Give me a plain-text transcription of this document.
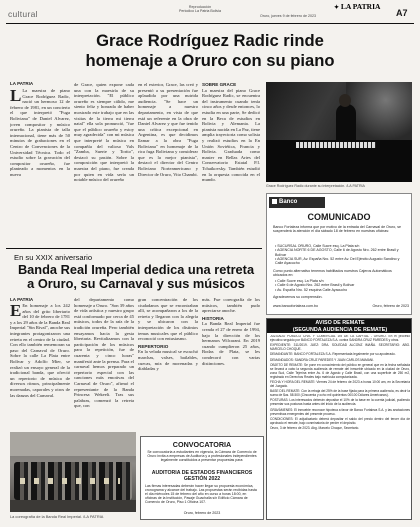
cultural
Reproducción
Periodico La Patria Bolivia
Oruro, jueves 9 de febrero de 2023
✦ LA PATRIA
A7
Grace Rodríguez Radic rinde
homenaje a Oruro con su piano
LA PATRIA
L La maestra de piano Grace Rodríguez Radic, nació un hermoso 12 de febrero de 1981, en un concierto el que interpretó "Fuga Boliviana" de Daniel Alvarez, joven compositor y músico orureño. La pianista de talla internacional, tiene más de 50 minutos de grabaciones en el Centro de Convenciones de la Universidad Técnica. Todo el estudio sobre la gravación del compositor orureño, fue planteado a momentos en la nueva
de Grace, quien expone cada una con la maestría de su interpretación. "El público orureño es siempre cálido, me siento feliz y honrada de haber mostrado este trabajo que en las visitas de la tierra mi tierra natal" ella sola pronunció, "fue que el público orureño y estoy muy agradecida" con mi música que interpreté la música en compañía del valioso Vals "Zamba, Suerte y Torito", destacó su pasión. Sobre la composición que interpretó la maestra del piano, fue creada por quien en vida sería un notable músico del orureño
en el exterior, Grace, las creó y presentó a su presentación fue aplaudida por una nutrida audiencia. "Se hace un homenaje a nuestro departamento, en vista de que está un referente en la obra de Daniel Alvarez y que fue tenido una crítica excepcional en Argentina, es que decidimos llamar a la obra "Fuga Boliviana" en homenaje de la rica fuga Boliviana y considerar que es la mejor pianista", destacó el director del Centro Boliviano Norteamericano y Director de Oruro, Vito Chambi.
SOBRE GRACE
La maestra del piano Grace Rodríguez Radic, se encuentra del instrumento cuando tenía cinco años y desde entonces, lo estudia en una parte, Se dedicó en la Beca de estudios en Bolivia y Alemania. La pianista nacida en La Paz, tiene amplia trayectoria como solista y realizó estudios en la En Unión Soviética, Francia y Bolivia. Graduada como master en Bellas Artes del Conservatorio Estatal P.I. Tchaikovsky. También estudió en la orquesta conocida en el mundo.
Grace Rodríguez Radic durante su interpretación. /LA PATRIA
Banco Fortaleza	COMUNICADO
Banco Fortaleza informa que por motivo de la entrada del Carnaval de Oruro, se suspenderá la atención el día sábado 18 de febrero en nuestras oficinas:
• SUCURSAL ORURO, Calle Sucre esq. La Plata s/n
• AGENCIA NORTE 6 DE AGOSTO, Calle 6 de Agosto Nro. 262 entre Brasil y Bolívar
• AGENCIA SUR, Av. España Nro. 52 entre Av. Del Ejército Augusto Sandino y Calle Ayacucho
Como punto alternativo tenemos habilitados nuestros Cajeros Automáticos ubicados en:
• Calle Sucre esq. La Plata s/n
• Calle 6 de Agosto Nro. 262 entre Brasil y Bolívar
• Av. España Nro. 52 esquina Calle Ayacucho
Agradecemos su comprensión.
www.bancofortaleza.com.bo	Oruro, febrero de 2023
En su XXIX aniversario
Banda Real Imperial dedica una retreta
a Oruro, su Carnaval y sus músicos
LA PATRIA
E En homenaje a los 242 años del grito libertario del 10 de febrero de 1781 y a los 29 años de la Banda Real Imperial "Sin Rival", anoche sus integrantes protagonizaron una retreta en el centro de la ciudad. Con ello también rememoran su paso del Carnaval de Oruro. Sobre la calle La Plata entre Bolívar y Adolfo Mier, se realizó un ensayo general de la tradicional banda, que ofreció un repertorio de música de diversos ritmos, principalmente morenadas, caporales y otros de las danzas del Carnaval.
del departamento como homenaje a Oruro. "Son 39 años de vida artística y nuestro grupo está conformado por cerca de 45 músicos, todos de la raíz de la tradición orureña. Pero también ensayamos hacia la gesta libertaria. Revitalizamos con la participación de los músicos para la repetición, fue de cuarenta y cinco horas" manifestó ante la prensa. Para el carnaval hemos preparado un repertorio especial con las canciones más emotivas del Carnaval de Oruro", afirmó el representante de la Banda Princesa Wekeeli. Tras sus palabras, comenzó la retreta que, con
gran concentración de los ciudadanos que se encontraban allí, se acompañaron a los de la retreta y llegaron con la alegría y se ubicaron con la interpretación de los distintos temas musicales que el público reconoció con entusiasmo.
REPERTORIO
En la velada musical se escuchó marchas, valses, bailables, cuecas, mix de morenadas y diabladas y
más. Fue coreografía de los músicos, también pudo apreciarse anoche.
HISTORIA
La Banda Real Imperial fue creada el 27 de enero de 1994, bajo la dirección de los hermanos Wilcarani. En 2019 cuando cumplieron 25 años, Bodas de Plata, se les condecoró con varias distinciones.
La coreografía de la Banda Real Imperial. /LA PATRIA
CONVOCATORIA
Se convocatoria a estudiantes en vigencia, la Cámara de Comercio de Oruro invita a empresas de Auditoría y a profesionales independientes legalmente constituidos a presentar propuestas para:
AUDITORIA DE ESTADOS FINANCIEROS
GESTIÓN 2022
Las firmas interesadas deberán hacer llegar su propuesta económica, cronograma y alcance del trabajo. Las propuestas serán recibidas hasta el día miércoles 15 de febrero del año en curso a horas 18:00, en oficinas de la Institución, Pasaje Guachalla s/n Edificio Cámara de Comercio de Oruro, Piso 1 Oficina 107.
Oruro, febrero de 2023
AVISO DE REMATE
(SEGUNDA AUDIENCIA DE REMATE)

JUZGADO PUBLICO CIVIL Y COMERCIAL 1ro DE LA CAPITAL - ORURO. En el proceso ejecutivo seguido por BANCO FORTALEZA S.A. contra SANDRA CRUZ PAREDES y otros.

EXPEDIENTE: 311/2019. JUEZ: DRA. SOLEDAD ALCONZ IMAÑA. SECRETARIO: ABG. MARCELO CHOQUE.

DEMANDANTE: BANCO FORTALEZA S.A. Representada legalmente por su apoderado.

DEMANDADOS: SANDRA CRUZ PAREDES Y JUAN CARLOS MAMANI.

OBJETO DE REMATE: Se pone en conocimiento del público en general que en la fecha señalada se llevará a cabo la segunda audiencia de remate del inmueble ubicado en la ciudad de Oruro, zona Sud, Calle Tejerina entre Av. 6 de Agosto y Calle Brasil, con una superficie de 250 m2, registrado en Derechos Reales bajo matrícula computarizada.

FECHA Y HORA DEL REMATE: Viernes 24 de febrero de 2023 a horas 10:00 am, en la Secretaría del Juzgado.

BASE DEL REMATE: Con la rebaja del 25% de la base fijada para la primera audiencia, es decir la suma de $us. 58.500 (Cincuenta y ocho mil quinientos 00/100 Dólares Americanos).

POSTURAS: Los interesados deberán depositar el 10% de la base en la cuenta judicial, pudiendo presentar sus posturas hasta antes del inicio de la audiencia.

GRAVÁMENES: El inmueble reconoce hipoteca a favor de Banco Fortaleza S.A. y las anotaciones preventivas emergentes del presente proceso.

CONDICIONES: El adjudicatario deberá depositar el saldo del precio dentro del tercer día de aprobado el remate, bajo conminatoria de perder el depósito.

Oruro, 3 de febrero de 2023. Abg. Marcelo Choque, Secretario.
